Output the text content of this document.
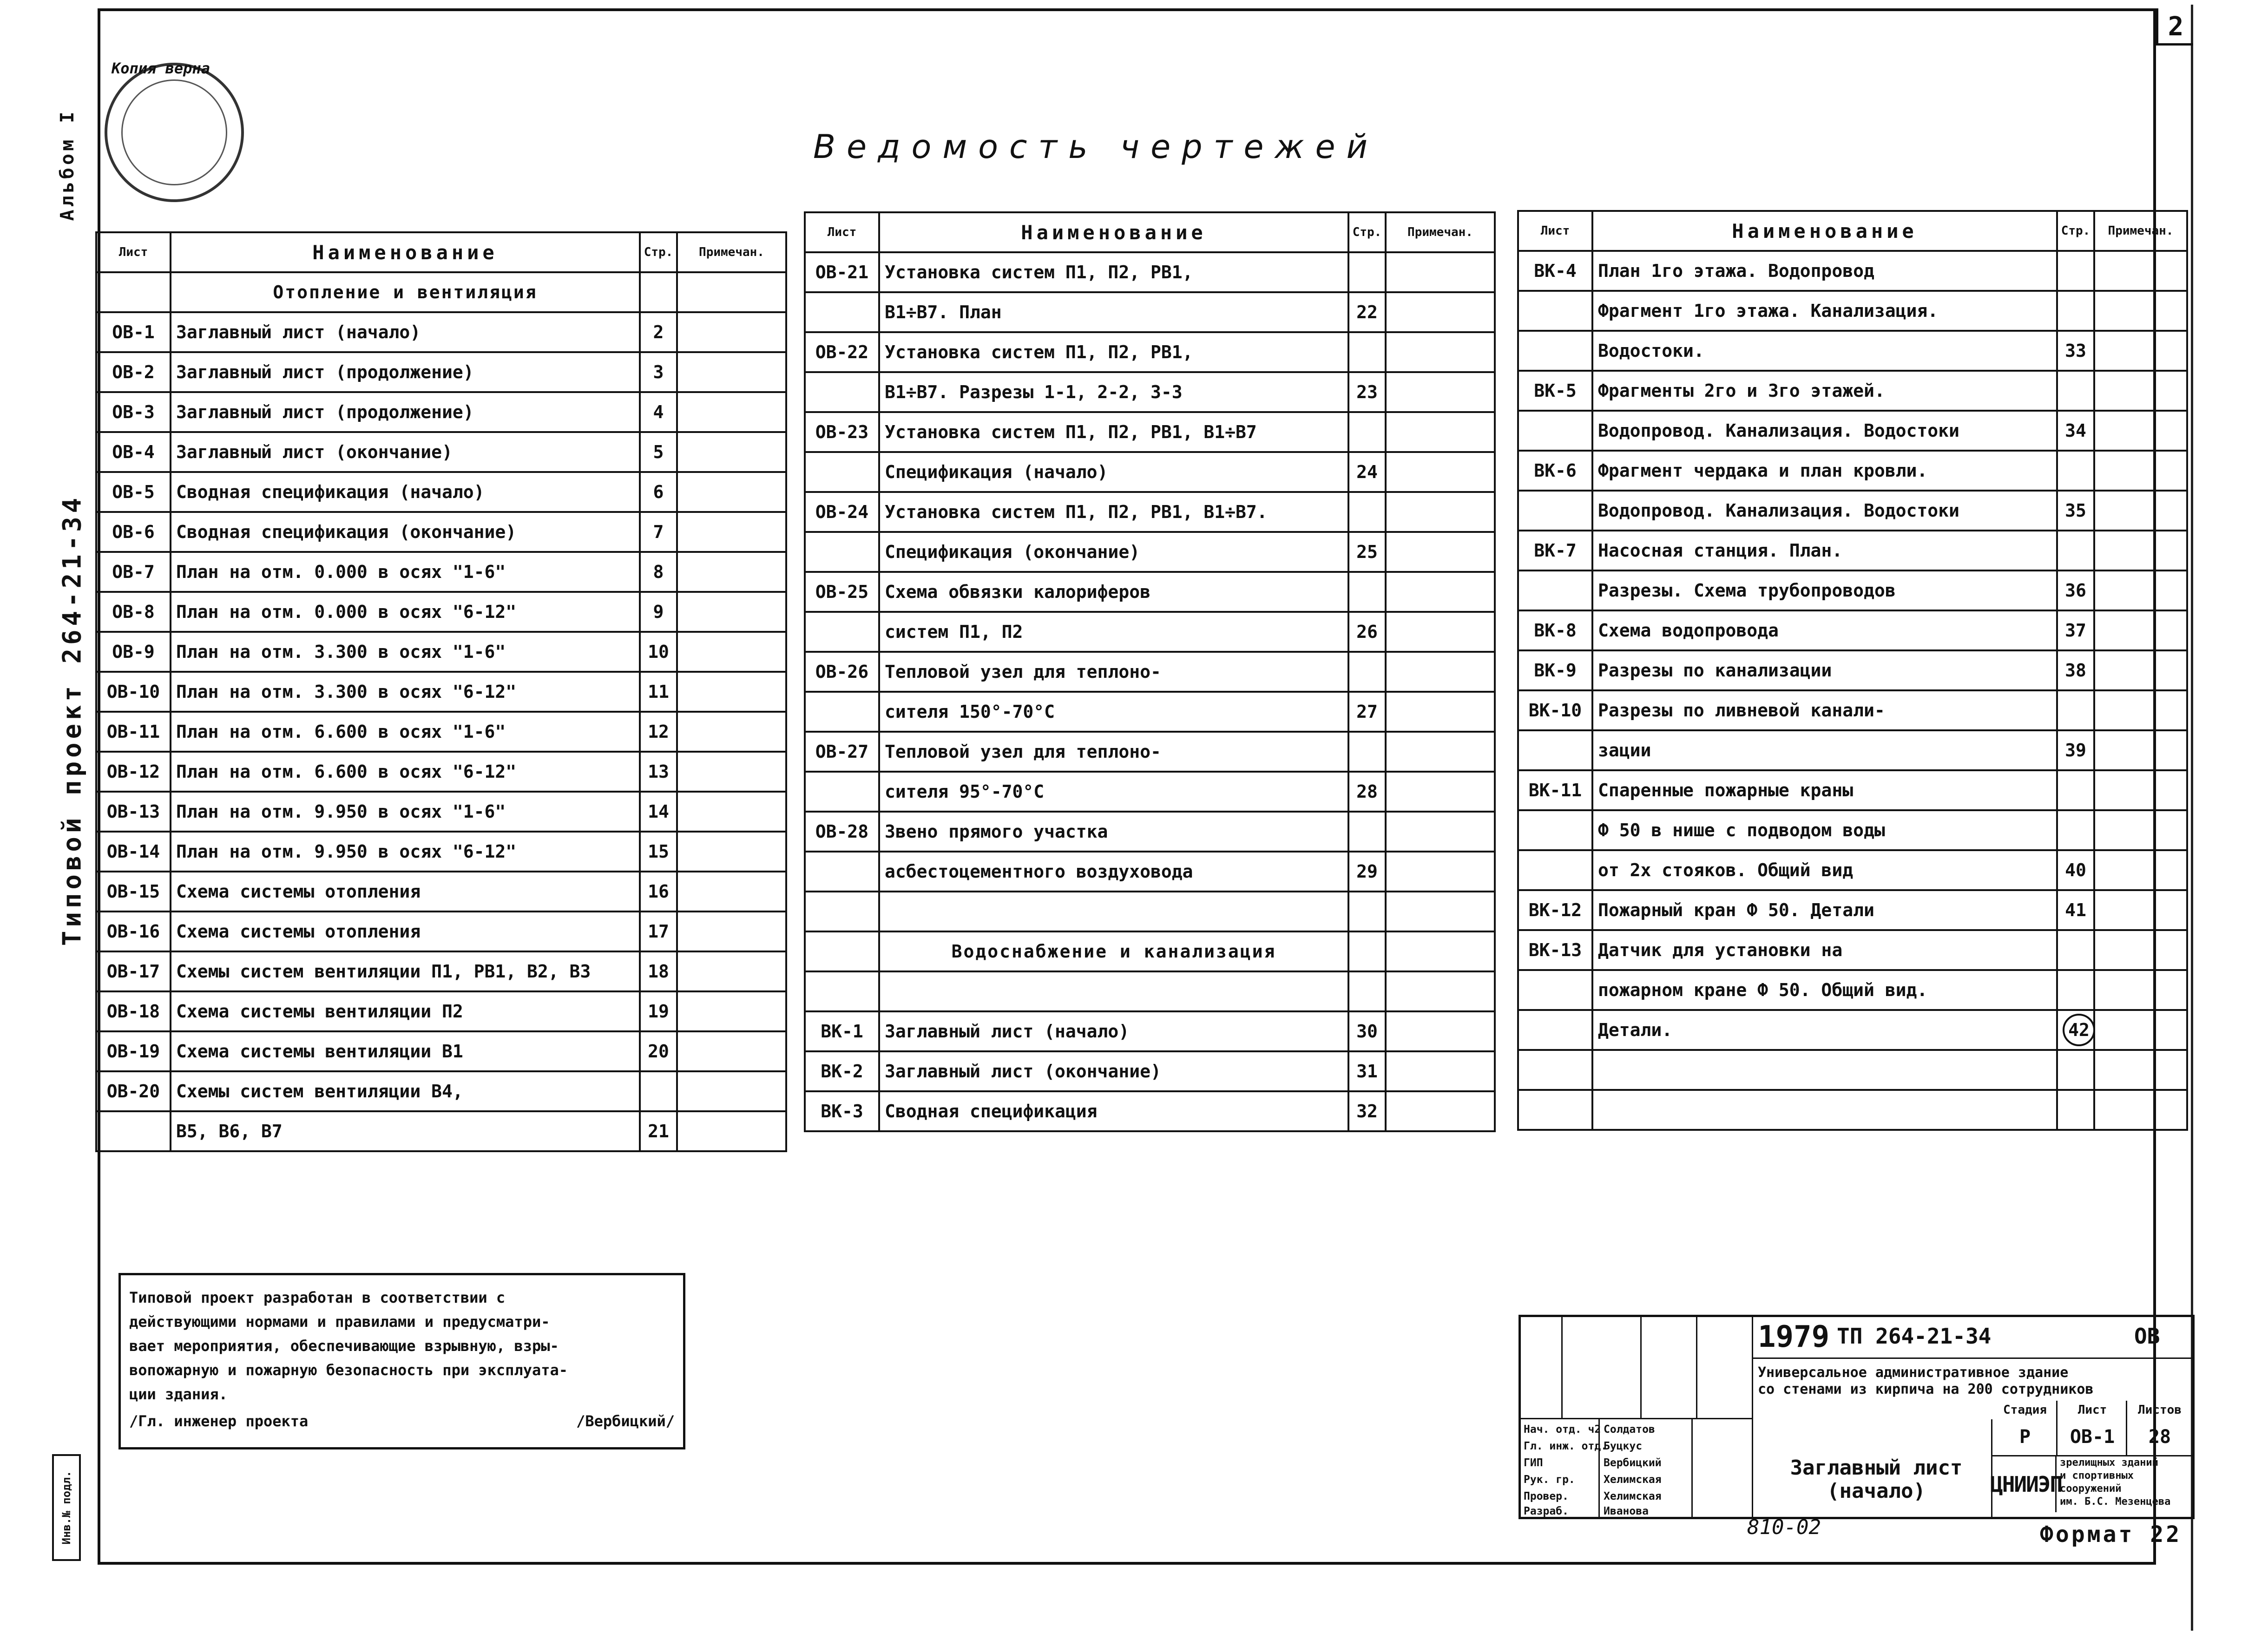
2
Альбом I
Типовой проект 264-21-34
Инв.№ подл.
Копия верна
Ведомость чертежей
Лист	Наименование	Стр.	Примечан.
	Отопление и вентиляция		
ОВ-1	Заглавный лист (начало)	2	
ОВ-2	Заглавный лист (продолжение)	3	
ОВ-3	Заглавный лист (продолжение)	4	
ОВ-4	Заглавный лист (окончание)	5	
ОВ-5	Сводная спецификация (начало)	6	
ОВ-6	Сводная спецификация (окончание)	7	
ОВ-7	План на отм. 0.000 в осях "1-6"	8	
ОВ-8	План на отм. 0.000 в осях "6-12"	9	
ОВ-9	План на отм. 3.300 в осях "1-6"	10	
ОВ-10	План на отм. 3.300 в осях "6-12"	11	
ОВ-11	План на отм. 6.600 в осях "1-6"	12	
ОВ-12	План на отм. 6.600 в осях "6-12"	13	
ОВ-13	План на отм. 9.950 в осях "1-6"	14	
ОВ-14	План на отм. 9.950 в осях "6-12"	15	
ОВ-15	Схема системы отопления	16	
ОВ-16	Схема системы отопления	17	
ОВ-17	Схемы систем вентиляции П1, РВ1, В2, В3	18	
ОВ-18	Схема системы вентиляции П2	19	
ОВ-19	Схема системы вентиляции В1	20	
ОВ-20	Схемы систем вентиляции В4,		
	В5, В6, В7	21	
Лист	Наименование	Стр.	Примечан.
ОВ-21	Установка систем П1, П2, РВ1,		
	В1÷В7. План	22	
ОВ-22	Установка систем П1, П2, РВ1,		
	В1÷В7. Разрезы 1-1, 2-2, 3-3	23	
ОВ-23	Установка систем П1, П2, РВ1, В1÷В7		
	Спецификация (начало)	24	
ОВ-24	Установка систем П1, П2, РВ1, В1÷В7.		
	Спецификация (окончание)	25	
ОВ-25	Схема обвязки калориферов		
	систем П1, П2	26	
ОВ-26	Тепловой узел для теплоно-		
	сителя 150°-70°С	27	
ОВ-27	Тепловой узел для теплоно-		
	сителя 95°-70°С	28	
ОВ-28	Звено прямого участка		
	асбестоцементного воздуховода	29	

	Водоснабжение и канализация		

ВК-1	Заглавный лист (начало)	30	
ВК-2	Заглавный лист (окончание)	31	
ВК-3	Сводная спецификация	32	
Лист	Наименование	Стр.	Примечан.
ВК-4	План 1го этажа. Водопровод		
	Фрагмент 1го этажа. Канализация.		
	Водостоки.	33	
ВК-5	Фрагменты 2го и 3го этажей.		
	Водопровод. Канализация. Водостоки	34	
ВК-6	Фрагмент чердака и план кровли.		
	Водопровод. Канализация. Водостоки	35	
ВК-7	Насосная станция. План.		
	Разрезы. Схема трубопроводов	36	
ВК-8	Схема водопровода	37	
ВК-9	Разрезы по канализации	38	
ВК-10	Разрезы по ливневой канали-		
	зации	39	
ВК-11	Спаренные пожарные краны		
	Ф 50 в нише с подводом воды		
	от 2х стояков. Общий вид	40	
ВК-12	Пожарный кран Ф 50. Детали	41	
ВК-13	Датчик для установки на		
	пожарном кране Ф 50. Общий вид.		
	Детали.	42	

Типовой проект разработан в соответствии с
действующими нормами и правилами и предусматри-
вает мероприятия, обеспечивающие взрывную, взры-
вопожарную и пожарную безопасность при эксплуата-
ции здания.
/Гл. инженер проекта	/Вербицкий/
1979 ТП 264-21-34	ОВ
Универсальное административное здание
со стенами из кирпича на 200 сотрудников
Нач. отд. ч2 Солдатов
Гл. инж. отд.
Буцкус
ГИП	Вербицкий
Рук. гр.	Хелимская
Провер.	Хелимская
Разраб.	Иванова
Заглавный лист
(начало)
Стадия	Лист	Листов
Р	ОВ-1	28
ЦНИИЭП
зрелищных зданий
и спортивных
сооружений
им. Б.С. Мезенцева
810-02	Формат 22
